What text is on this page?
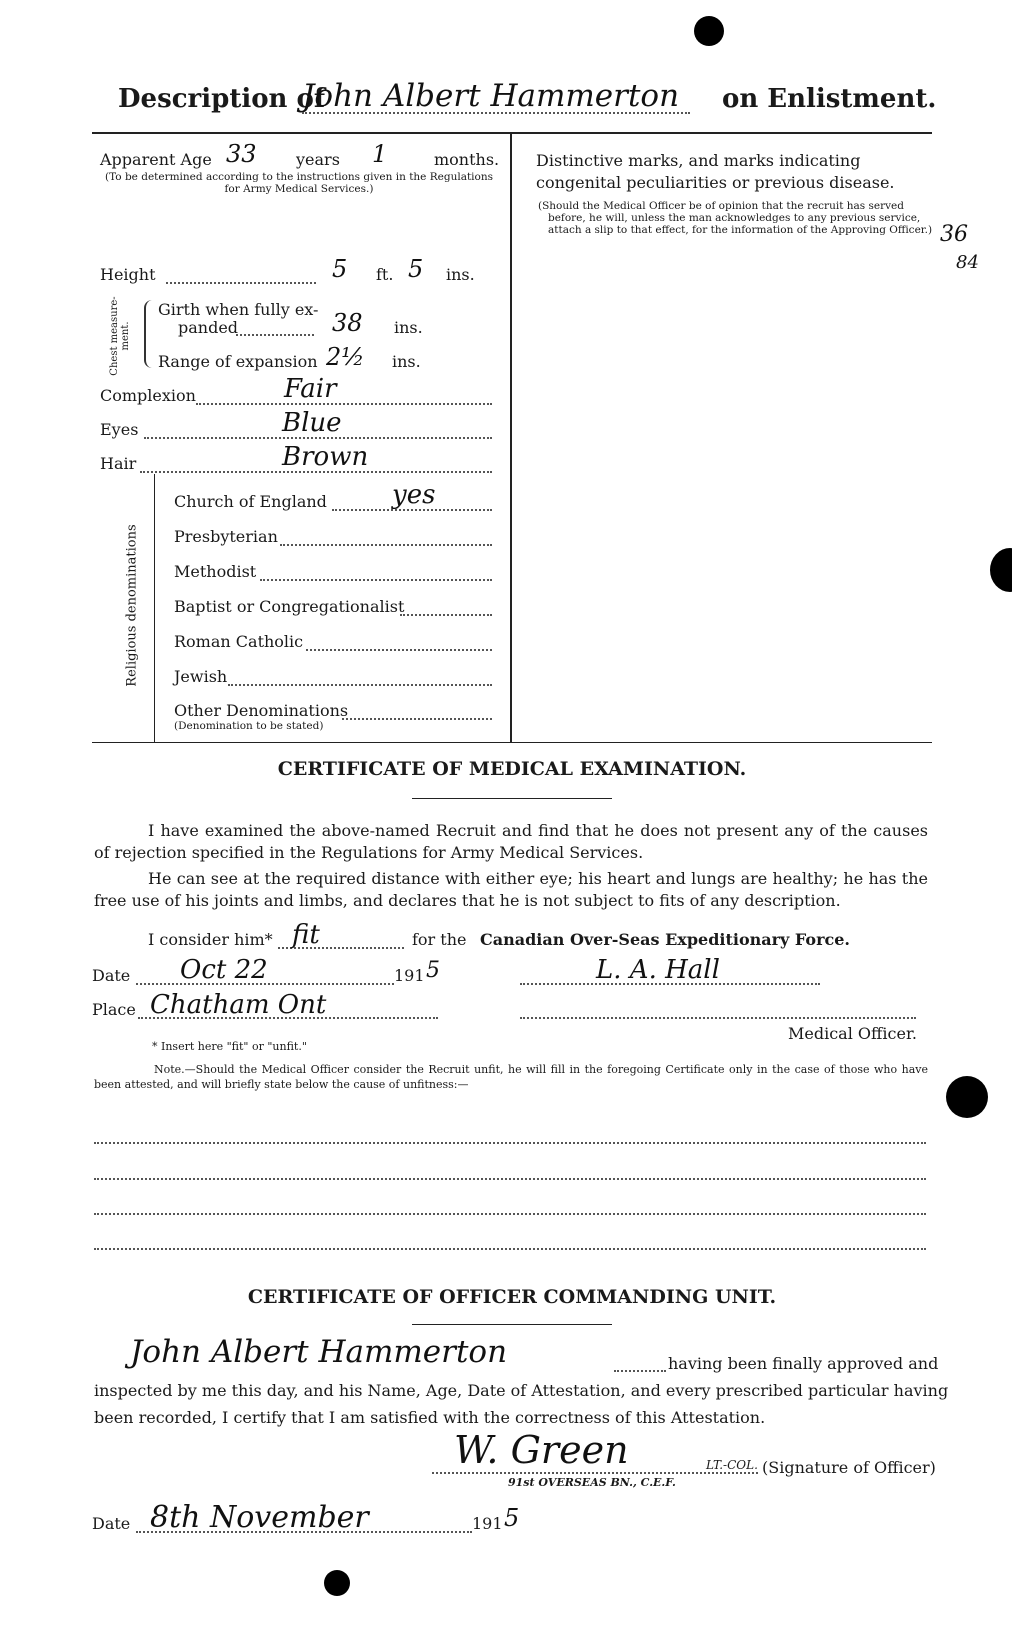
Description of
John Albert Hammerton on Enlistment.
Apparent Age 33 years 1	months.
(To be determined according to the instructions given in the Regulations for Army Medical Services.)
Height	5 ft. 5 ins.
Chest measure-ment.
Girth when fully ex-
panded	38 ins.
Range of expansion 2½ ins.
Complexion	Fair
Eyes	Blue
Hair	Brown
Religious denominations
Church of England	yes
Presbyterian
Methodist
Baptist or Congregationalist
Roman Catholic
Jewish
Other Denominations
(Denomination to be stated)
Distinctive marks, and marks indicating congenital peculiarities or previous disease.
(Should the Medical Officer be of opinion that the recruit has served before, he will, unless the man acknowledges to any previous service, attach a slip to that effect, for the information of the Approving Officer.) 36
84
CERTIFICATE OF MEDICAL EXAMINATION.
I have examined the above-named Recruit and find that he does not present any of the causes of rejection specified in the Regulations for Army Medical Services.
He can see at the required distance with either eye; his heart and lungs are healthy; he has the free use of his joints and limbs, and declares that he is not subject to fits of any description.
I consider him* fit	for the Canadian Over-Seas Expeditionary Force.
Date Oct 22	191 5	L. A. Hall
Place Chatham Ont
Medical Officer.
* Insert here "fit" or "unfit."
Note.—Should the Medical Officer consider the Recruit unfit, he will fill in the foregoing Certificate only in the case of those who have been attested, and will briefly state below the cause of unfitness:—
CERTIFICATE OF OFFICER COMMANDING UNIT.
John Albert Hammerton	having been finally approved and
inspected by me this day, and his Name, Age, Date of Attestation, and every prescribed particular having
been recorded, I certify that I am satisfied with the correctness of this Attestation.
W. Green	LT.-COL.
91st OVERSEAS BN., C.E.F.
(Signature of Officer)
Date 8th November	191 5
